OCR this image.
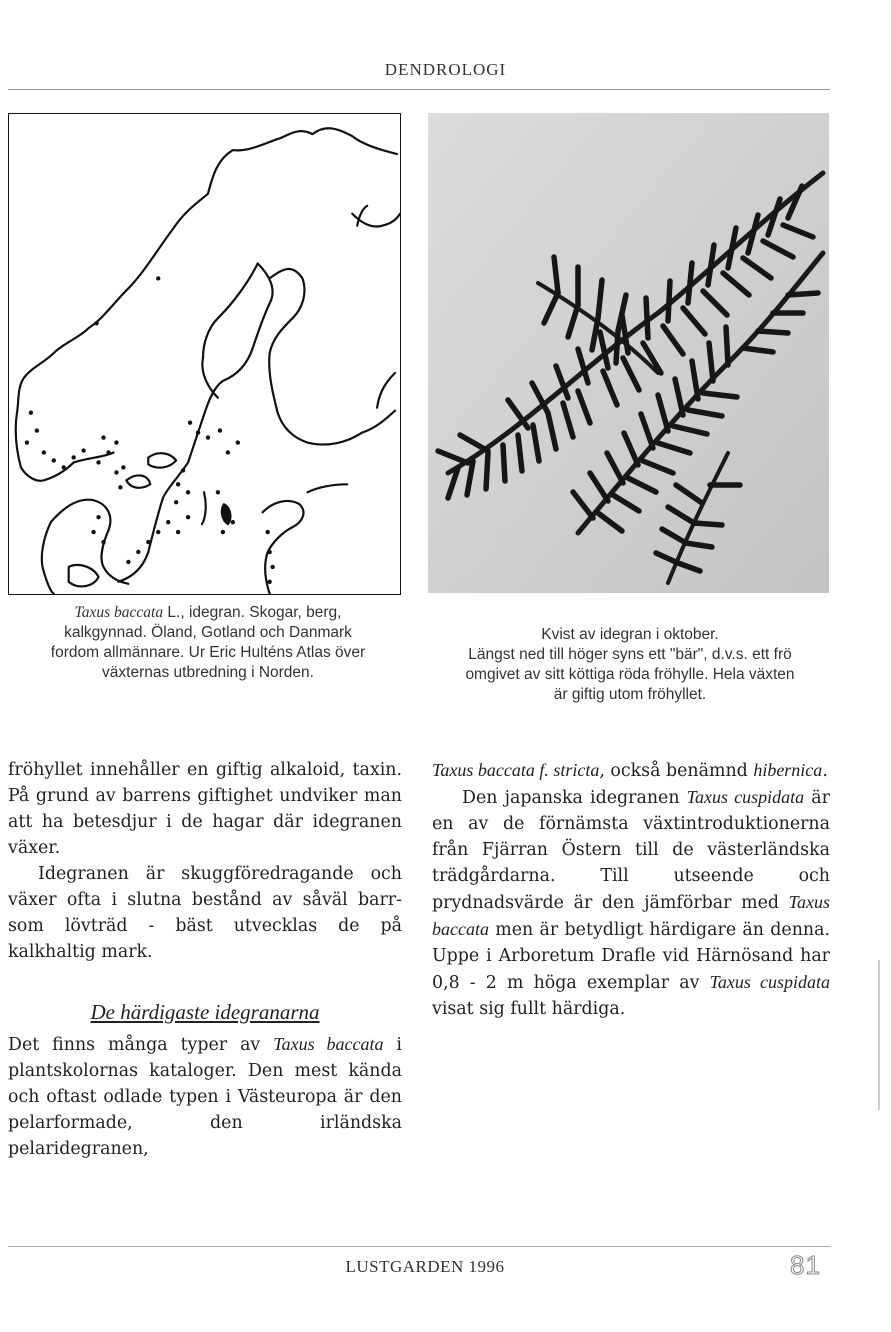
DENDROLOGI
Taxus baccata L., idegran. Skogar, berg,
kalkgynnad. Öland, Gotland och Danmark
fordom allmännare. Ur Eric Hulténs Atlas över
växternas utbredning i Norden.
Kvist av idegran i oktober.
Längst ned till höger syns ett "bär", d.v.s. ett frö
omgivet av sitt köttiga röda fröhylle. Hela växten
är giftig utom fröhyllet.

fröhyllet innehåller en giftig alkaloid, taxin. På grund av barrens giftighet undviker man att ha betesdjur i de hagar där idegranen växer.

Idegranen är skuggföredragande och växer ofta i slutna bestånd av såväl barr- som lövträd - bäst utvecklas de på kalkhaltig mark.

De härdigaste idegranarna

Det finns många typer av Taxus baccata i plantskolornas kataloger. Den mest kända och oftast odlade typen i Västeuropa är den pelarformade, den irländska pelaridegranen,

Taxus baccata f. stricta, också benämnd hibernica.

Den japanska idegranen Taxus cuspidata är en av de förnämsta växtintroduktionerna från Fjärran Östern till de västerländska trädgårdarna. Till utseende och prydnadsvärde är den jämförbar med Taxus baccata men är betydligt härdigare än denna. Uppe i Arboretum Drafle vid Härnösand har 0,8 - 2 m höga exemplar av Taxus cuspidata visat sig fullt härdiga.

LUSTGARDEN 1996	81
